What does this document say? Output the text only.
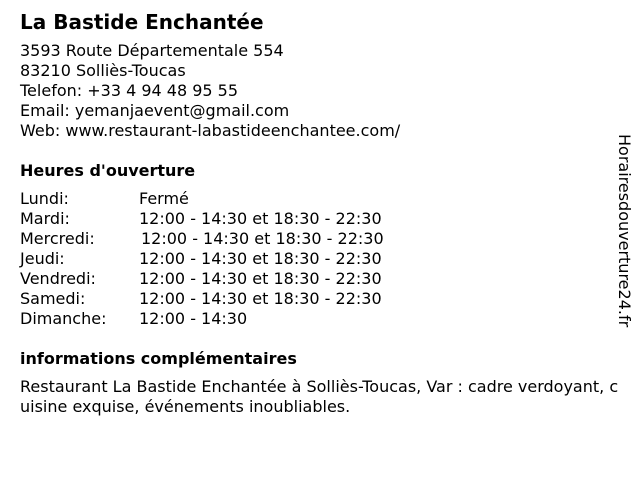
La Bastide Enchantée
3593 Route Départementale 554
83210 Solliès-Toucas
Telefon: +33 4 94 48 95 55
Email: yemanjaevent@gmail.com
Web: www.restaurant-labastideenchantee.com/
Heures d'ouverture
Lundi:	Fermé
Mardi:	12:00 - 14:30 et 18:30 - 22:30
Mercredi:	12:00 - 14:30 et 18:30 - 22:30
Jeudi:	12:00 - 14:30 et 18:30 - 22:30
Vendredi:	12:00 - 14:30 et 18:30 - 22:30
Samedi:	12:00 - 14:30 et 18:30 - 22:30
Dimanche:	12:00 - 14:30
informations complémentaires
Restaurant La Bastide Enchantée à Solliès-Toucas, Var : cadre verdoyant, cuisine exquise, événements inoubliables.
Horairesdouverture24.fr
